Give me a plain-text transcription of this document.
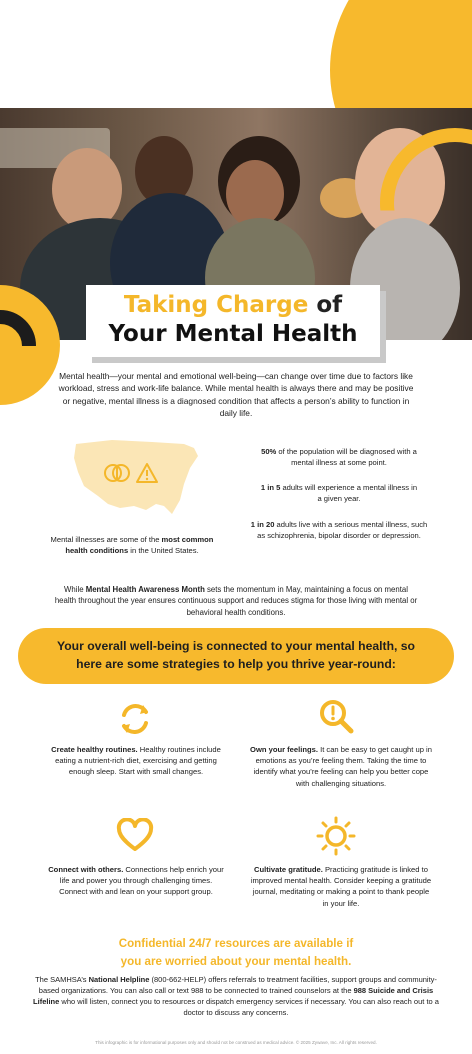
Taking Charge of
Your Mental Health
Mental health—your mental and emotional well-being—can change over time due to factors like workload, stress and work-life balance. While mental health is always there and may be positive or negative, mental illness is a diagnosed condition that affects a person’s ability to function in daily life.
Mental illnesses are some of the most common health conditions in the United States.
50% of the population will be diagnosed with a mental illness at some point.
1 in 5 adults will experience a mental illness in a given year.
1 in 20 adults live with a serious mental illness, such as schizophrenia, bipolar disorder or depression.
While Mental Health Awareness Month sets the momentum in May, maintaining a focus on mental health throughout the year ensures continuous support and reduces stigma for those living with mental or behavioral health conditions.
Your overall well-being is connected to your mental health, so here are some strategies to help you thrive year-round:
Create healthy routines. Healthy routines include eating a nutrient-rich diet, exercising and getting enough sleep. Start with small changes.
Own your feelings. It can be easy to get caught up in emotions as you’re feeling them. Taking the time to identify what you’re feeling can help you better cope with challenging situations.
Connect with others. Connections help enrich your life and power you through challenging times. Connect with and lean on your support group.
Cultivate gratitude. Practicing gratitude is linked to improved mental health. Consider keeping a gratitude journal, meditating or making a point to thank people in your life.
Confidential 24/7 resources are available if
you are worried about your mental health.
The SAMHSA’s National Helpline (800-662-HELP) offers referrals to treatment facilities, support groups and community-based organizations. You can also call or text 988 to be connected to trained counselors at the 988 Suicide and Crisis Lifeline who will listen, connect you to resources or dispatch emergency services if necessary. You can also reach out to a doctor to discuss any concerns.
This infographic is for informational purposes only and should not be construed as medical advice. © 2025 Zywave, Inc. All rights reserved.
